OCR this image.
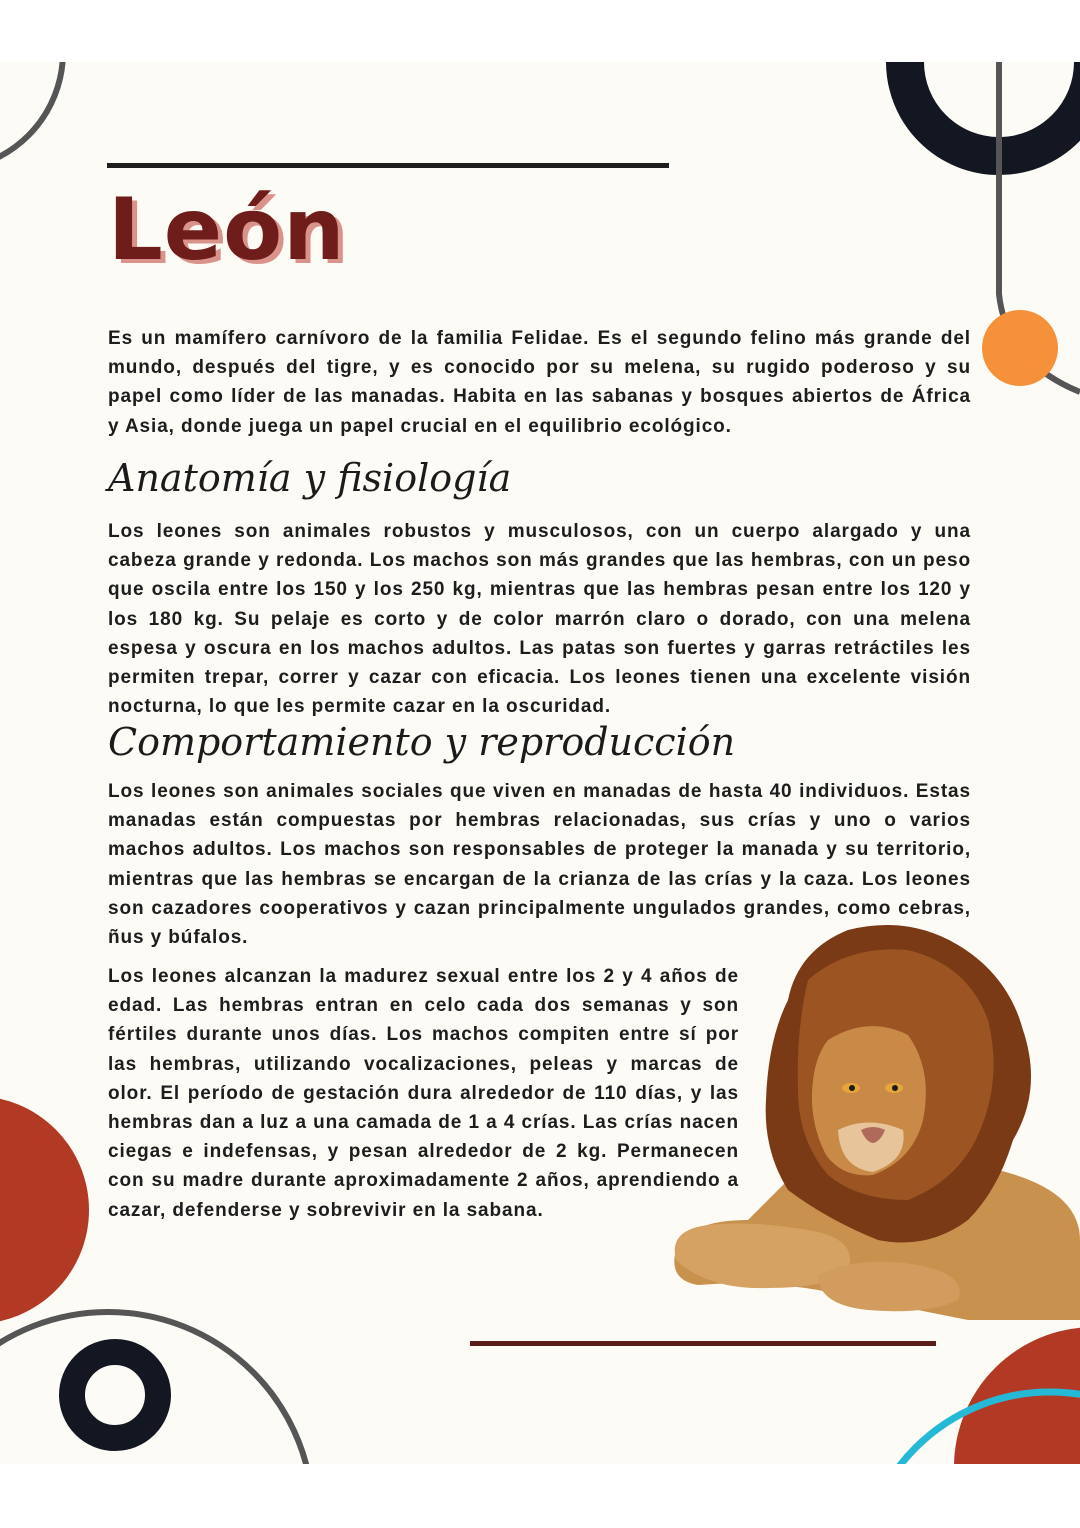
León

Es un mamífero carnívoro de la familia Felidae. Es el segundo felino más grande del mundo, después del tigre, y es conocido por su melena, su rugido poderoso y su papel como líder de las manadas. Habita en las sabanas y bosques abiertos de África y Asia, donde juega un papel crucial en el equilibrio ecológico.

Anatomía y fisiología

Los leones son animales robustos y musculosos, con un cuerpo alargado y una cabeza grande y redonda. Los machos son más grandes que las hembras, con un peso que oscila entre los 150 y los 250 kg, mientras que las hembras pesan entre los 120 y los 180 kg. Su pelaje es corto y de color marrón claro o dorado, con una melena espesa y oscura en los machos adultos. Las patas son fuertes y garras retráctiles les permiten trepar, correr y cazar con eficacia. Los leones tienen una excelente visión nocturna, lo que les permite cazar en la oscuridad.

Comportamiento y reproducción

Los leones son animales sociales que viven en manadas de hasta 40 individuos. Estas manadas están compuestas por hembras relacionadas, sus crías y uno o varios machos adultos. Los machos son responsables de proteger la manada y su territorio, mientras que las hembras se encargan de la crianza de las crías y la caza. Los leones son cazadores cooperativos y cazan principalmente ungulados grandes, como cebras, ñus y búfalos.

Los leones alcanzan la madurez sexual entre los 2 y 4 años de edad. Las hembras entran en celo cada dos semanas y son fértiles durante unos días. Los machos compiten entre sí por las hembras, utilizando vocalizaciones, peleas y marcas de olor. El período de gestación dura alrededor de 110 días, y las hembras dan a luz a una camada de 1 a 4 crías. Las crías nacen ciegas e indefensas, y pesan alrededor de 2 kg. Permanecen con su madre durante aproximadamente 2 años, aprendiendo a cazar, defenderse y sobrevivir en la sabana.
